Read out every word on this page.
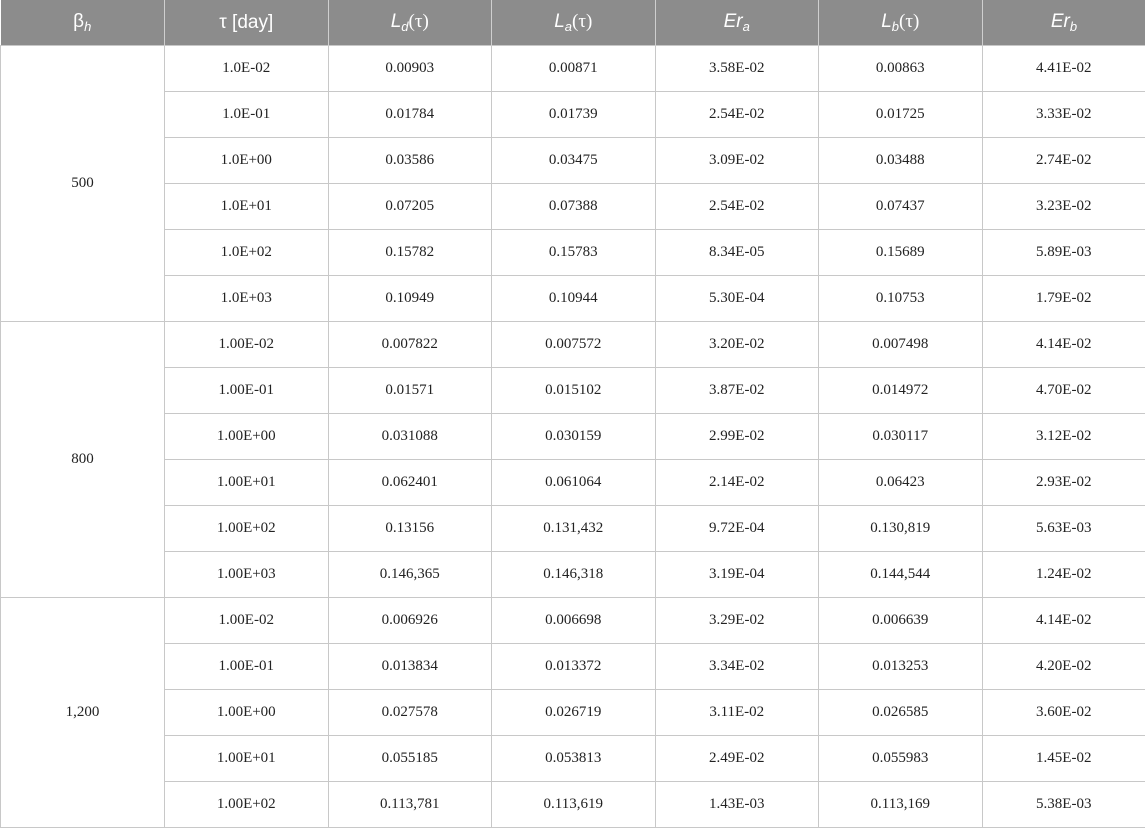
$\beta_h$	τ [day]	$L_d(\tau)$	$L_a(\tau)$	$Er_a$	$L_b(\tau)$	$Er_b$
500	1.0E-02	0.00903	0.00871	3.58E-02	0.00863	4.41E-02
	1.0E-01	0.01784	0.01739	2.54E-02	0.01725	3.33E-02
	1.0E+00	0.03586	0.03475	3.09E-02	0.03488	2.74E-02
	1.0E+01	0.07205	0.07388	2.54E-02	0.07437	3.23E-02
	1.0E+02	0.15782	0.15783	8.34E-05	0.15689	5.89E-03
	1.0E+03	0.10949	0.10944	5.30E-04	0.10753	1.79E-02
800	1.00E-02	0.007822	0.007572	3.20E-02	0.007498	4.14E-02
	1.00E-01	0.01571	0.015102	3.87E-02	0.014972	4.70E-02
	1.00E+00	0.031088	0.030159	2.99E-02	0.030117	3.12E-02
	1.00E+01	0.062401	0.061064	2.14E-02	0.06423	2.93E-02
	1.00E+02	0.13156	0.131,432	9.72E-04	0.130,819	5.63E-03
	1.00E+03	0.146,365	0.146,318	3.19E-04	0.144,544	1.24E-02
1,200	1.00E-02	0.006926	0.006698	3.29E-02	0.006639	4.14E-02
	1.00E-01	0.013834	0.013372	3.34E-02	0.013253	4.20E-02
	1.00E+00	0.027578	0.026719	3.11E-02	0.026585	3.60E-02
	1.00E+01	0.055185	0.053813	2.49E-02	0.055983	1.45E-02
	1.00E+02	0.113,781	0.113,619	1.43E-03	0.113,169	5.38E-03
